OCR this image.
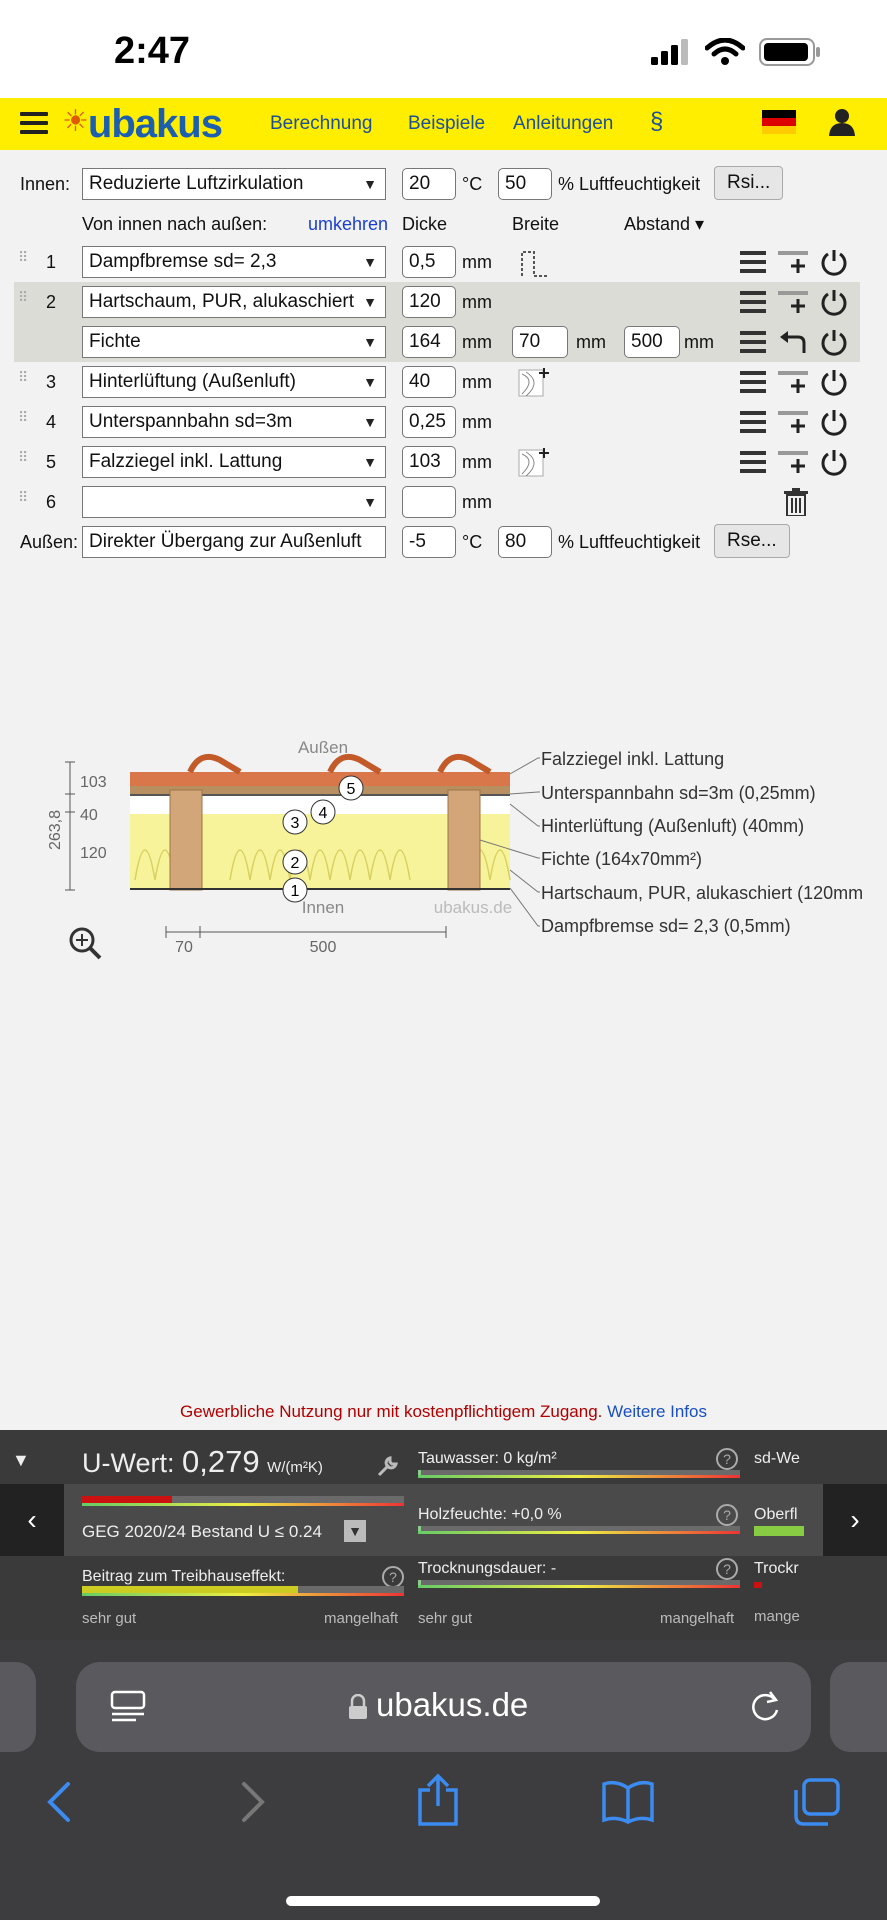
2:47
☀ubakus	Berechnung Beispiele Anleitungen §
Innen: Reduzierte Luftzirkulation	▼	20	°C	50	% Luftfeuchtigkeit	Rsi...
Von innen nach außen: umkehren Dicke	Breite	Abstand ▾
⠿ 1	Dampfbremse sd= 2,3	▼	0,5	mm
⠿ 2	Hartschaum, PUR, alukaschiert ▼	120	mm
Fichte	▼	164	mm	70	mm	500	mm
⠿ 3	Hinterlüftung (Außenluft)	▼	40	mm
⠿ 4	Unterspannbahn sd=3m	▼	0,25 mm
⠿ 5	Falzziegel inkl. Lattung	▼	103	mm
⠿ 6	▼	mm
Außen: Direkter Übergang zur Außenluft	-5	°C	80	% Luftfeuchtigkeit	Rse...
Außen
263,8
103
40
120
5
4
3
2
1
Innen	ubakus.de
Falzziegel inkl. Lattung
Unterspannbahn sd=3m (0,25mm)
Hinterlüftung (Außenluft) (40mm)
Fichte (164x70mm²)
Hartschaum, PUR, alukaschiert (120mm
Dampfbremse sd= 2,3 (0,5mm)
70	500
Gewerbliche Nutzung nur mit kostenpflichtigem Zugang. Weitere Infos
▼
‹	›
U-Wert: 0,279 W/(m²K)
GEG 2020/24 Bestand U ≤ 0.24 ▼
Beitrag zum Treibhauseffekt:	?
sehr gut	mangelhaft
Tauwasser: 0 kg/m²	?
Holzfeuchte: +0,0 %	?
Trocknungsdauer: -	?
sehr gut	mangelhaft
sd-We
Oberfl
Trockr
mange
ubakus.de
